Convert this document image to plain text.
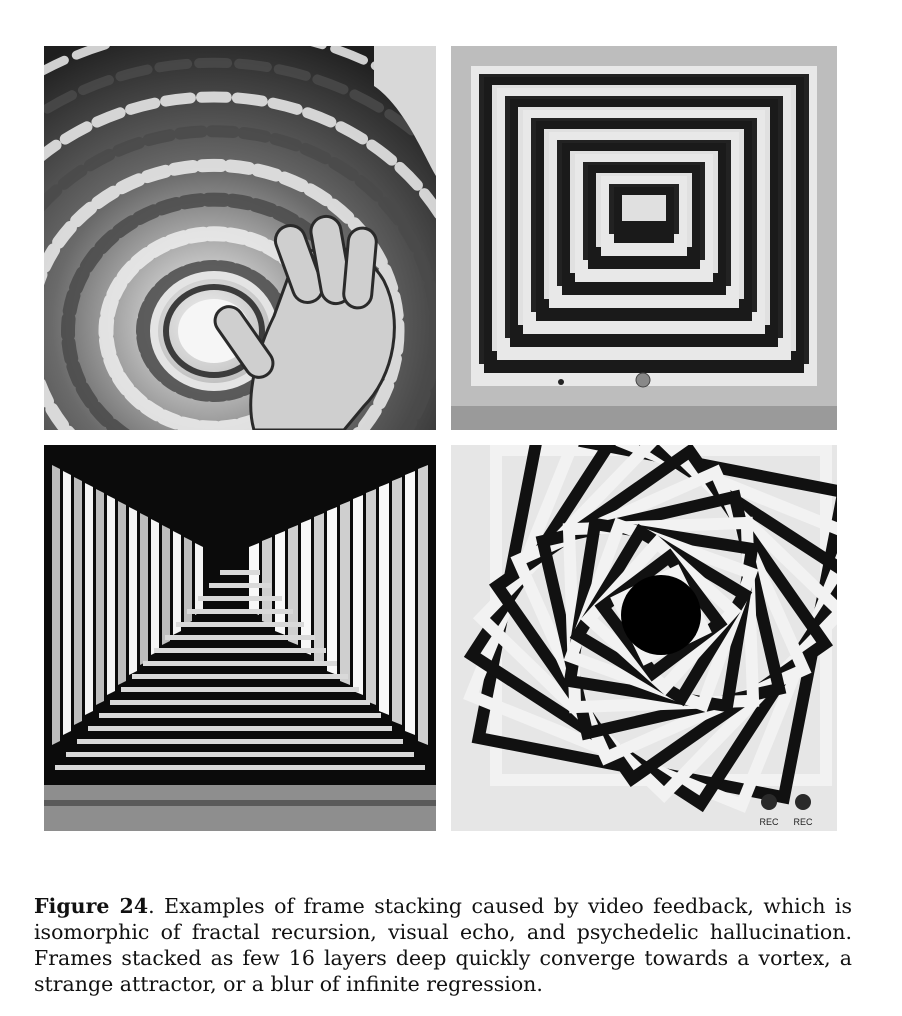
REC REC

Figure 24. Examples of frame stacking caused by video feedback, which is isomorphic of fractal recursion, visual echo, and psychedelic hallucination. Frames stacked as few 16 layers deep quickly converge towards a vortex, a strange attractor, or a blur of infinite regression.
